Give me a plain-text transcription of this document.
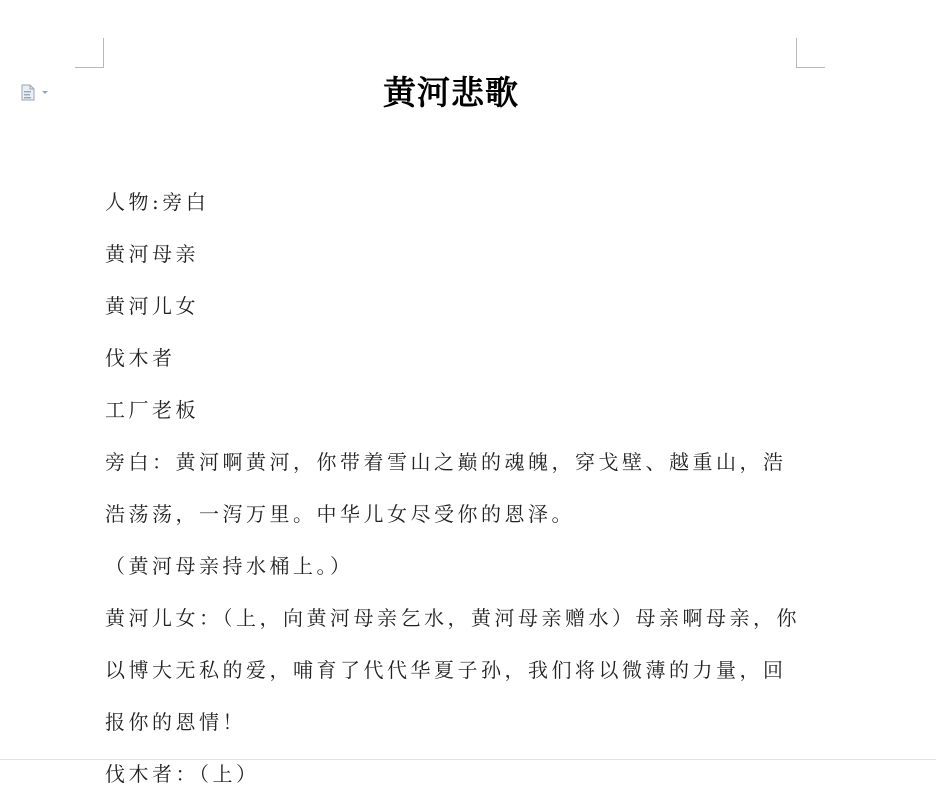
黄河悲歌

人物:旁白

黄河母亲

黄河儿女

伐木者

工厂老板

旁白：黄河啊黄河，你带着雪山之巅的魂魄，穿戈壁、越重山，浩浩荡荡，一泻万里。中华儿女尽受你的恩泽。

（黄河母亲持水桶上。）

黄河儿女：（上，向黄河母亲乞水，黄河母亲赠水）母亲啊母亲，你以博大无私的爱，哺育了代代华夏子孙，我们将以微薄的力量，回报你的恩情！

伐木者：（上）
